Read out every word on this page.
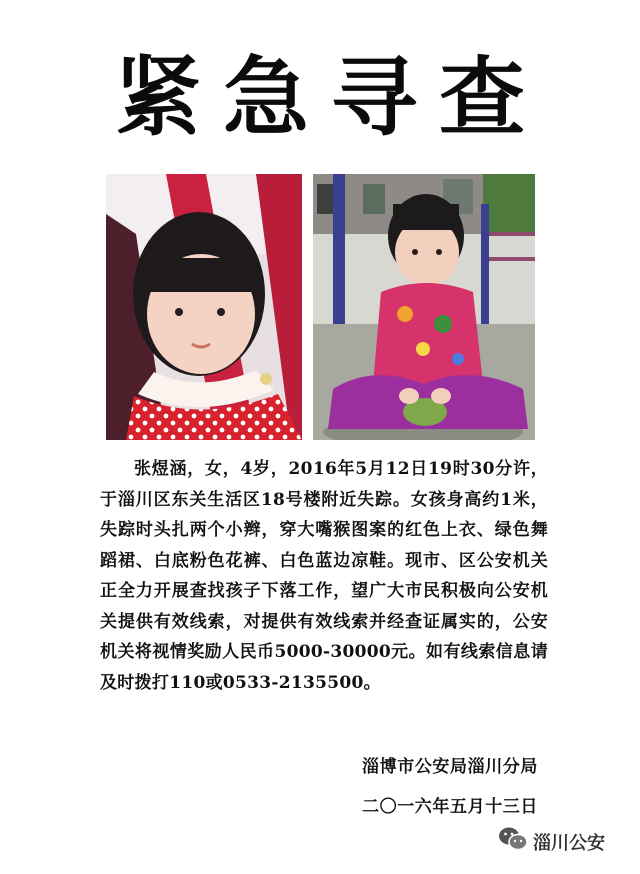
紧急寻查

张煜涵，女，4岁，2016年5月12日19时30分许，于淄川区东关生活区18号楼附近失踪。女孩身高约1米，失踪时头扎两个小辫，穿大嘴猴图案的红色上衣、绿色舞蹈裙、白底粉色花裤、白色蓝边凉鞋。现市、区公安机关正全力开展查找孩子下落工作，望广大市民积极向公安机关提供有效线索，对提供有效线索并经查证属实的，公安机关将视情奖励人民币5000-30000元。如有线索信息请及时拨打110或0533-2135500。

淄博市公安局淄川分局
二〇一六年五月十三日
淄川公安
